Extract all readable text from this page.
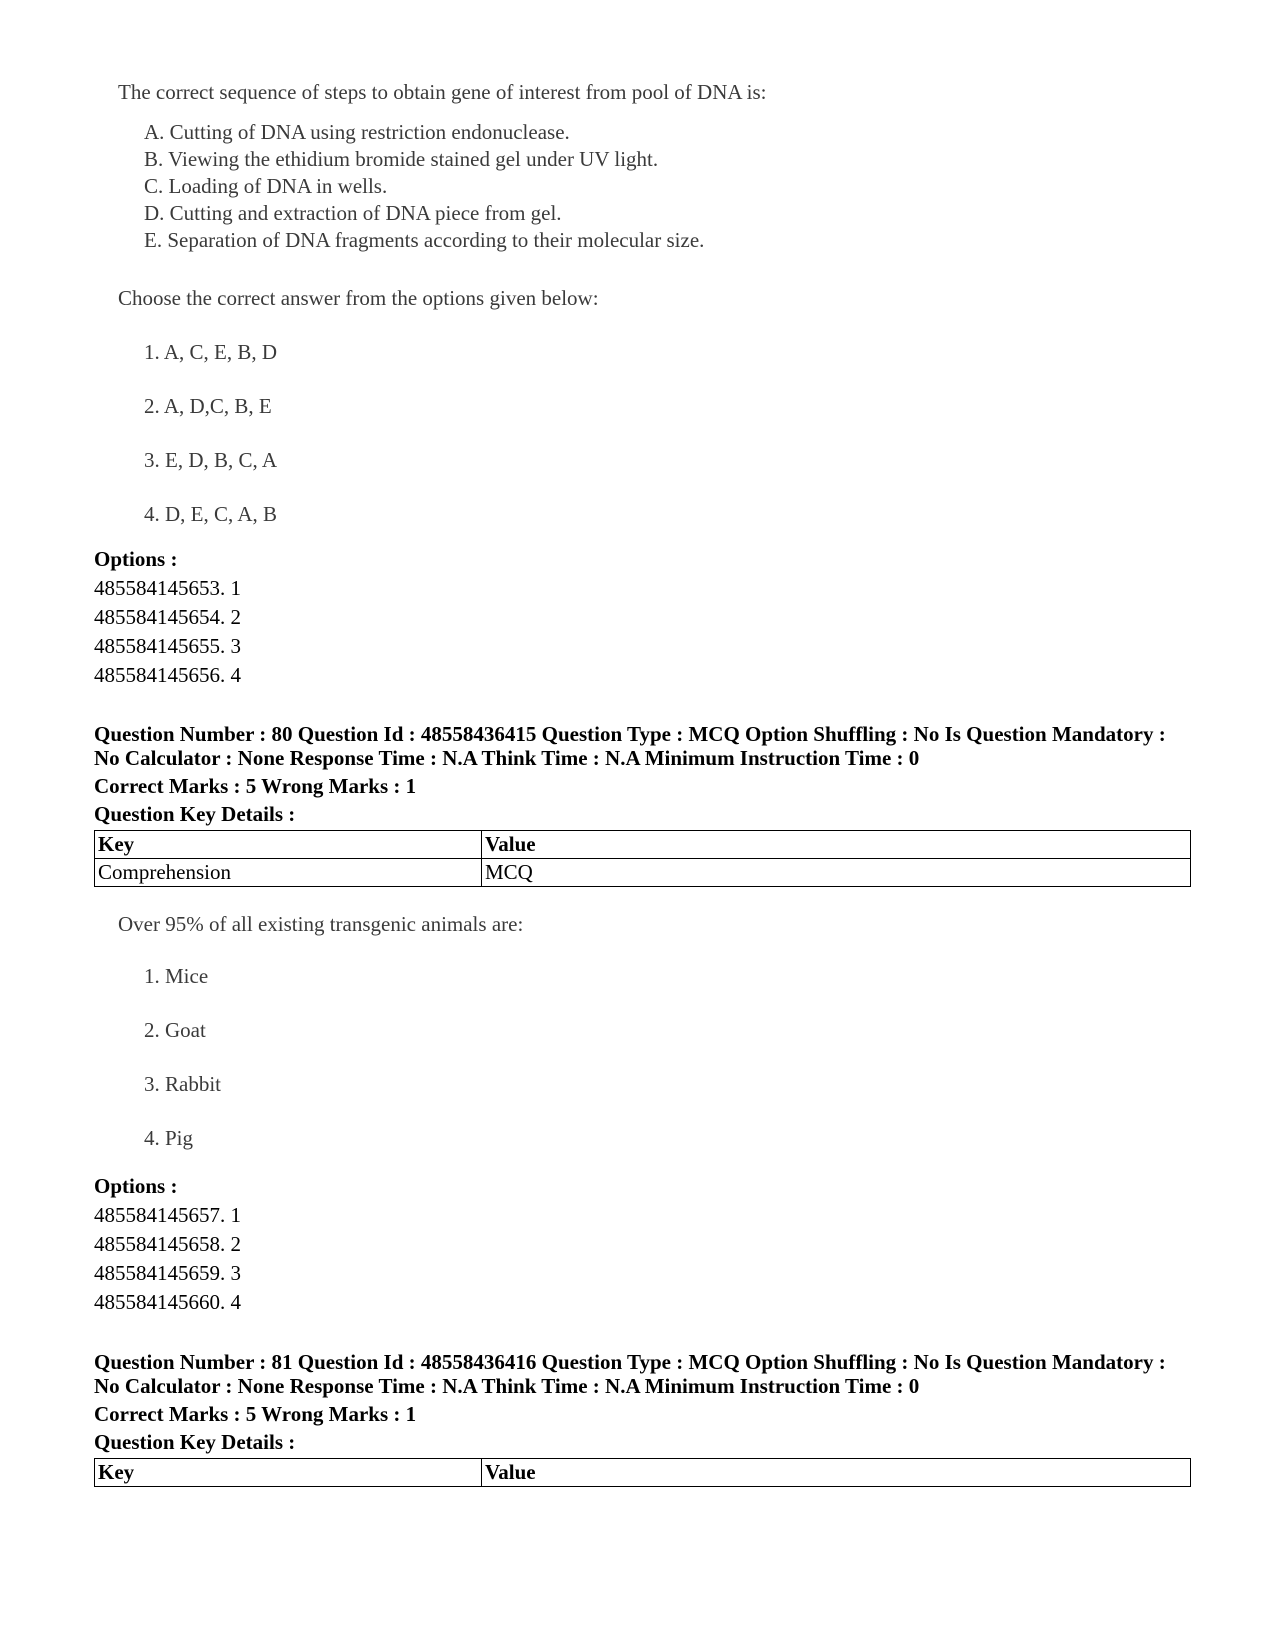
The correct sequence of steps to obtain gene of interest from pool of DNA is:

A. Cutting of DNA using restriction endonuclease.
B. Viewing the ethidium bromide stained gel under UV light.
C. Loading of DNA in wells.
D. Cutting and extraction of DNA piece from gel.
E. Separation of DNA fragments according to their molecular size.

Choose the correct answer from the options given below:

1. A, C, E, B, D
2. A, D,C, B, E
3. E, D, B, C, A
4. D, E, C, A, B
Options :
485584145653. 1
485584145654. 2
485584145655. 3
485584145656. 4

Question Number : 80 Question Id : 48558436415 Question Type : MCQ Option Shuffling : No Is Question Mandatory :

No Calculator : None Response Time : N.A Think Time : N.A Minimum Instruction Time : 0

Correct Marks : 5 Wrong Marks : 1

Question Key Details :

Key	Value
Comprehension	MCQ

Over 95% of all existing transgenic animals are:

1. Mice
2. Goat
3. Rabbit
4. Pig
Options :
485584145657. 1
485584145658. 2
485584145659. 3
485584145660. 4

Question Number : 81 Question Id : 48558436416 Question Type : MCQ Option Shuffling : No Is Question Mandatory :

No Calculator : None Response Time : N.A Think Time : N.A Minimum Instruction Time : 0

Correct Marks : 5 Wrong Marks : 1

Question Key Details :

Key	Value
